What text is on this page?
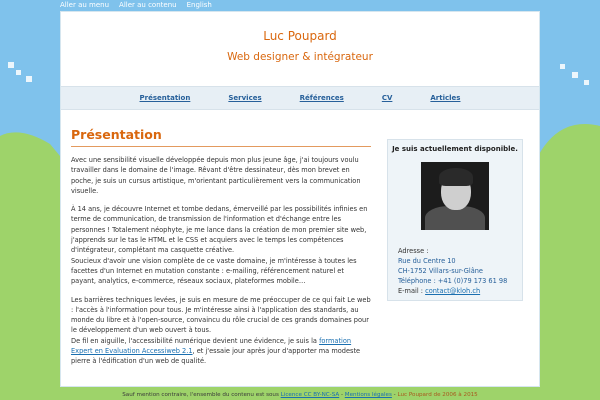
Aller au menu Aller au contenu English
Luc Poupard
Web designer & intégrateur
Présentation	Services	Références	CV	Articles
Présentation

Avec une sensibilité visuelle développée depuis mon plus jeune âge, j'ai toujours voulu travailler dans le domaine de l'image. Rêvant d'être dessinateur, dès mon brevet en poche, je suis un cursus artistique, m'orientant particulièrement vers la communication visuelle.

À 14 ans, je découvre Internet et tombe dedans, émerveillé par les possibilités infinies en terme de communication, de transmission de l'information et d'échange entre les personnes ! Totalement néophyte, je me lance dans la création de mon premier site web, j'apprends sur le tas le HTML et le CSS et acquiers avec le temps les compétences d'intégrateur, complétant ma casquette créative.
Soucieux d'avoir une vision complète de ce vaste domaine, je m'intéresse à toutes les facettes d'un Internet en mutation constante : e-mailing, référencement naturel et payant, analytics, e-commerce, réseaux sociaux, plateformes mobile…

Les barrières techniques levées, je suis en mesure de me préoccuper de ce qui fait Le web : l'accès à l'information pour tous. Je m'intéresse ainsi à l'application des standards, au monde du libre et à l'open-source, convaincu du rôle crucial de ces grands domaines pour le développement d'un web ouvert à tous.
De fil en aiguille, l'accessibilité numérique devient une évidence, je suis la formation Expert en Evaluation Accessiweb 2.1, et j'essaie jour après jour d'apporter ma modeste pierre à l'édification d'un web de qualité.

Je suis actuellement disponible.
Adresse :
Rue du Centre 10
CH-1752 Villars-sur-Glâne
Téléphone : +41 (0)79 173 61 98
E-mail : contact@kloh.ch
Sauf mention contraire, l'ensemble du contenu est sous Licence CC BY-NC-SA - Mentions légales - Luc Poupard de 2006 à 2015
